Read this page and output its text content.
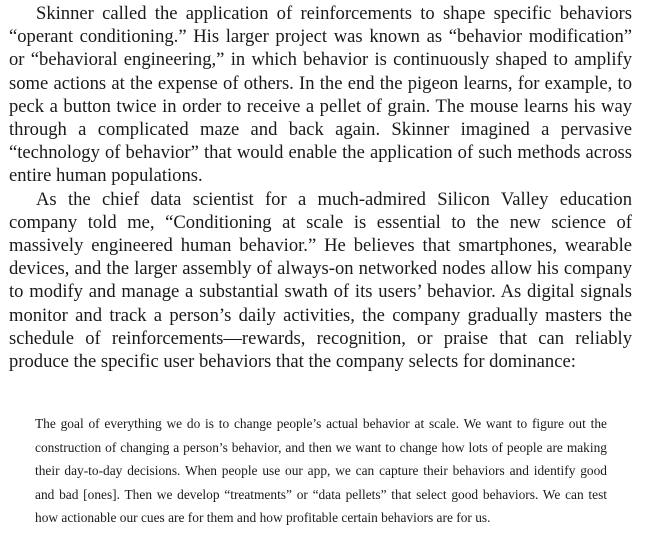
Skinner called the application of reinforcements to shape specific behaviors “operant conditioning.” His larger project was known as “behavior modification” or “behavioral engineering,” in which behavior is continuously shaped to amplify some actions at the expense of others. In the end the pigeon learns, for example, to peck a button twice in order to receive a pellet of grain. The mouse learns his way through a complicated maze and back again. Skinner imagined a pervasive “technology of behavior” that would enable the application of such methods across entire human populations.

As the chief data scientist for a much-admired Silicon Valley education company told me, “Conditioning at scale is essential to the new science of massively engineered human behavior.” He believes that smartphones, wearable devices, and the larger assembly of always-on networked nodes allow his company to modify and manage a substantial swath of its users’ behavior. As digital signals monitor and track a person’s daily activities, the company gradually masters the schedule of reinforcements—rewards, recognition, or praise that can reliably produce the specific user behaviors that the company selects for dominance:

The goal of everything we do is to change people’s actual behavior at scale. We want to figure out the construction of changing a person’s behavior, and then we want to change how lots of people are making their day-to-day decisions. When people use our app, we can capture their behaviors and identify good and bad [ones]. Then we develop “treatments” or “data pellets” that select good behaviors. We can test how actionable our cues are for them and how profitable certain behaviors are for us.
